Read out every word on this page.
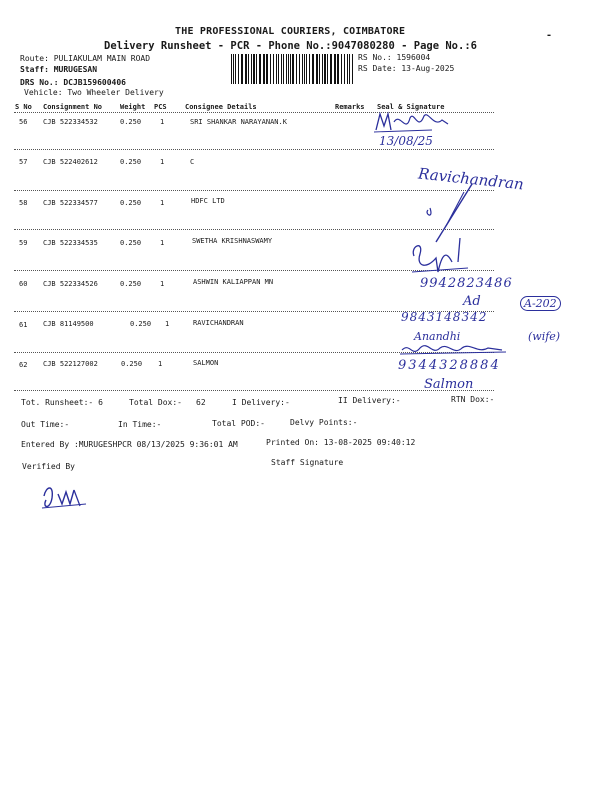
THE PROFESSIONAL COURIERS, COIMBATORE
Delivery Runsheet - PCR - Phone No.:9047080280 - Page No.:6
-
Route: PULIAKULAM MAIN ROAD
Staff: MURUGESAN
DRS No.: DCJB159600406
Vehicle: Two Wheeler Delivery
RS No.: 1596004
RS Date: 13-Aug-2025
S No Consignment No	Weight PCS	Consignee Details	Remarks Seal & Signature
56 CJB 522334532	0.250	1	SRI SHANKAR NARAYANAN.K
57 CJB 522402612	0.250	1	C
58 CJB 522334577	0.250	1	HDFC LTD
59 CJB 522334535	0.250	1	SWETHA KRISHNASWAMY
60 CJB 522334526	0.250	1	ASHWIN KALIAPPAN MN
61 CJB 81149500	0.250 1	RAVICHANDRAN
62 CJB 522127002	0.250 1	SALMON
Tot. Runsheet:- 6	Total Dox:- 62	I Delivery:-	II Delivery:-	RTN Dox:-
Out Time:-	In Time:-	Total POD:-	Delvy Points:-
Entered By :MURUGESHPCR 08/13/2025 9:36:01 AM	Printed On: 13-08-2025 09:40:12
Staff Signature
Verified By
13/08/25
Ravichandran
9942823486
Ad	A-202
9843148342
Anandhi	(wife)
9344328884
Salmon
